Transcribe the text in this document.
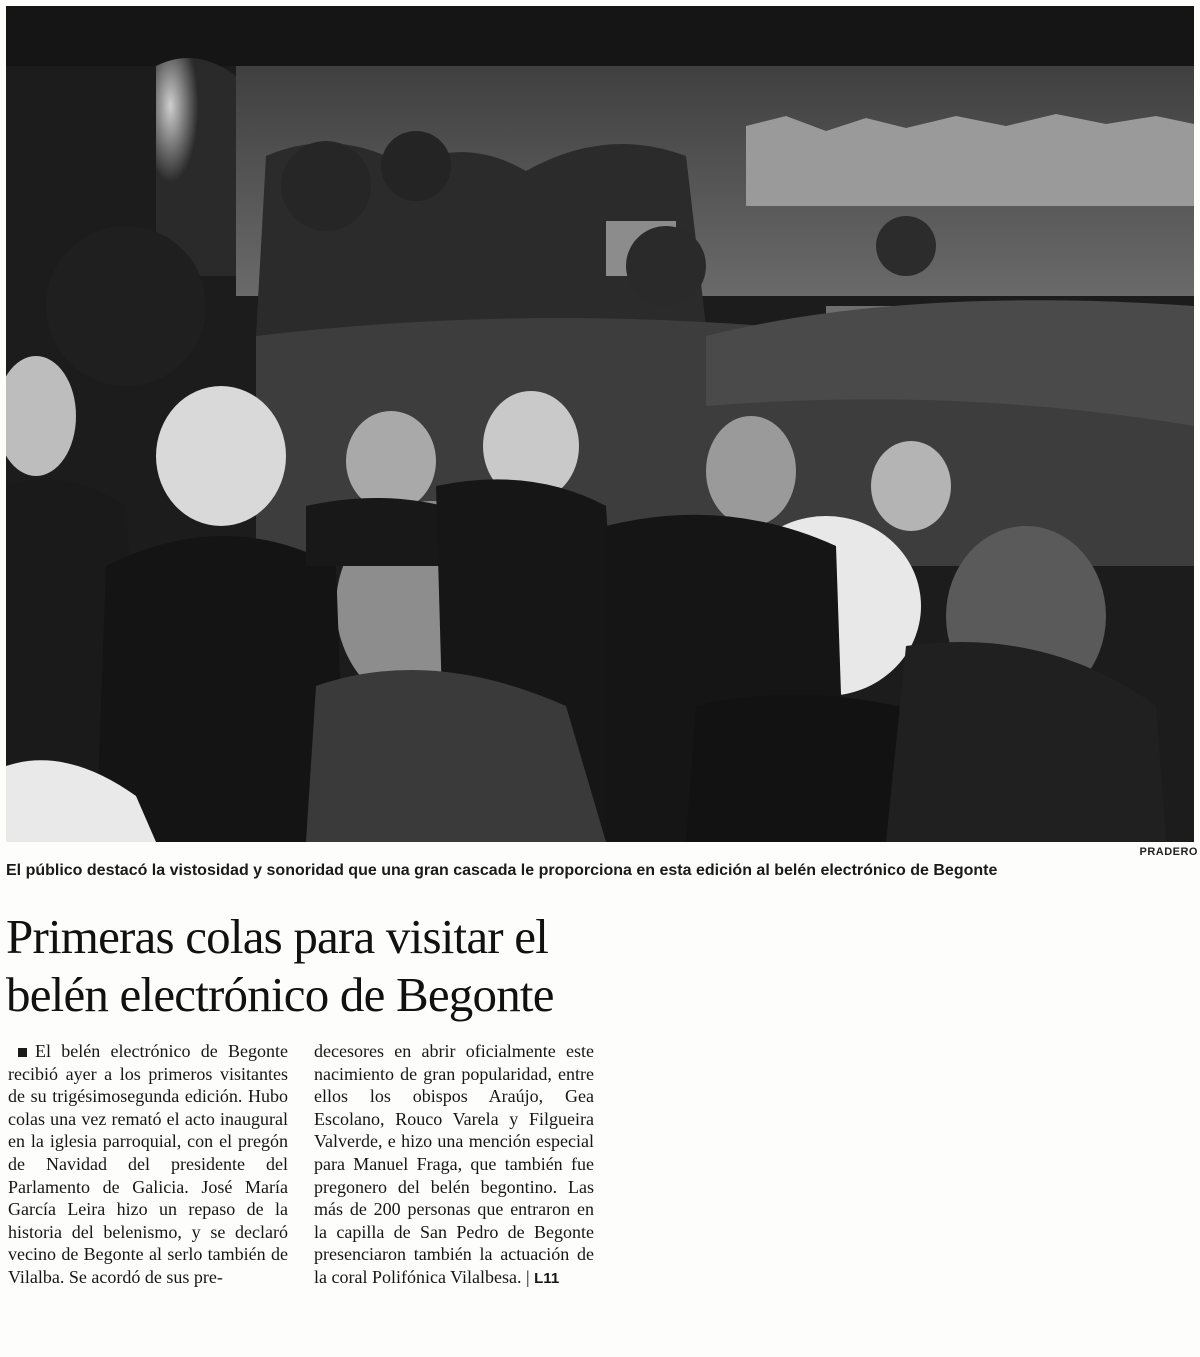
PRADERO
El público destacó la vistosidad y sonoridad que una gran cascada le proporciona en esta edición al belén electrónico de Begonte
Primeras colas para visitar el belén electrónico de Begonte

El belén electrónico de Begonte recibió ayer a los primeros visitantes de su trigésimosegunda edición. Hubo colas una vez remató el acto inaugural en la iglesia parroquial, con el pregón de Navidad del presidente del Parlamento de Galicia. José María García Leira hizo un repaso de la historia del belenismo, y se declaró vecino de Begonte al serlo también de Vilalba. Se acordó de sus pre-

decesores en abrir oficialmente este nacimiento de gran popularidad, entre ellos los obispos Araújo, Gea Escolano, Rouco Varela y Filgueira Valverde, e hizo una mención especial para Manuel Fraga, que también fue pregonero del belén begontino. Las más de 200 personas que entraron en la capilla de San Pedro de Begonte presenciaron también la actuación de la coral Polifónica Vilalbesa. | L11
